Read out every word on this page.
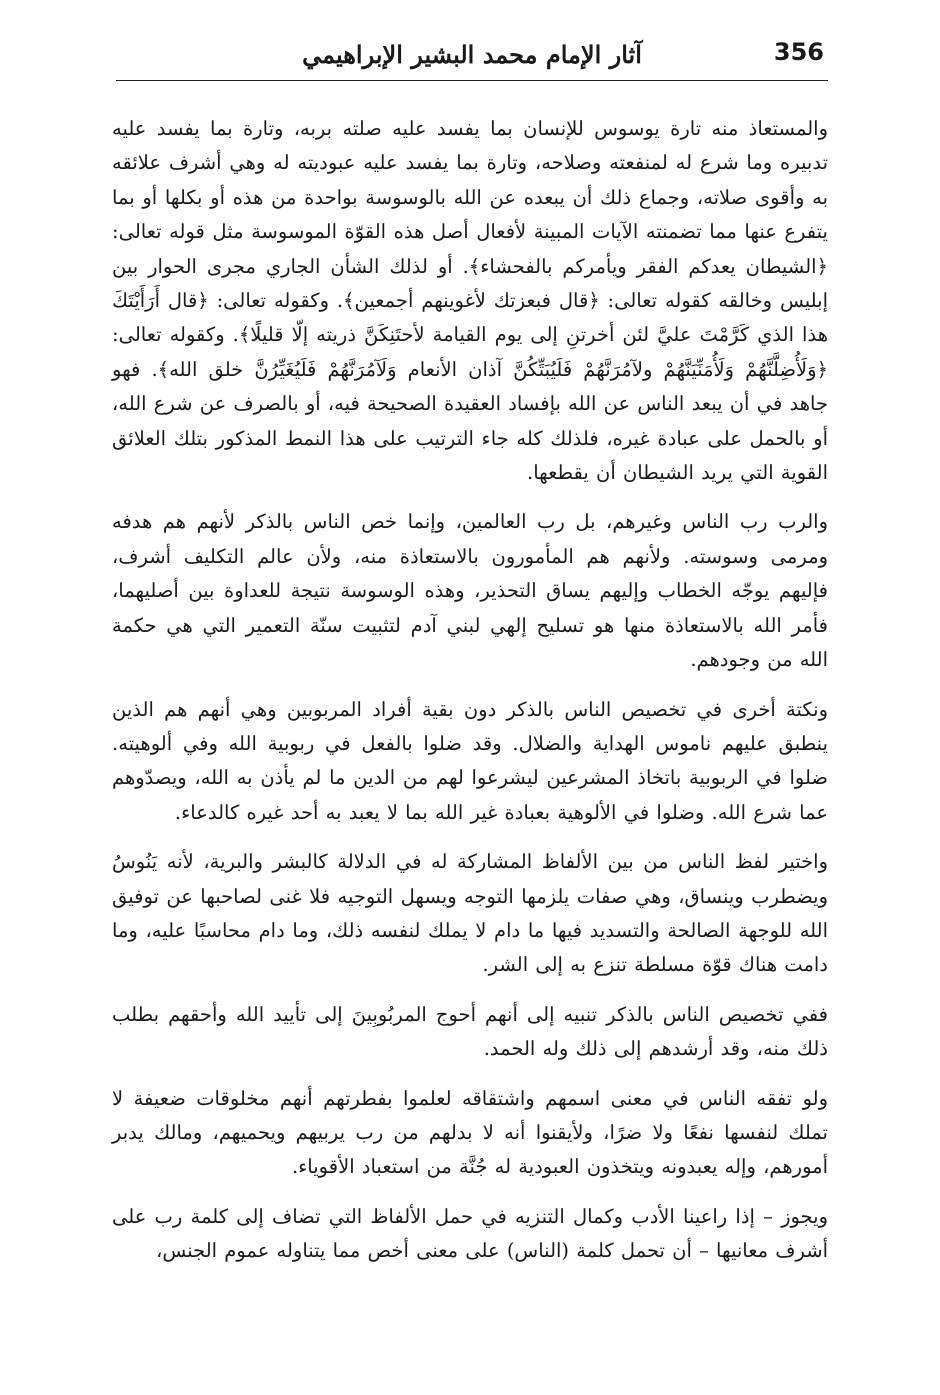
356
آثار الإمام محمد البشير الإبراهيمي

والمستعاذ منه تارة يوسوس للإنسان بما يفسد عليه صلته بربه، وتارة بما يفسد عليه تدبيره وما شرع له لمنفعته وصلاحه، وتارة بما يفسد عليه عبوديته له وهي أشرف علائقه به وأقوى صلاته، وجماع ذلك أن يبعده عن الله بالوسوسة بواحدة من هذه أو بكلها أو بما يتفرع عنها مما تضمنته الآيات المبينة لأفعال أصل هذه القوّة الموسوسة مثل قوله تعالى: ﴿الشيطان يعدكم الفقر ويأمركم بالفحشاء﴾. أو لذلك الشأن الجاري مجرى الحوار بين إبليس وخالقه كقوله تعالى: ﴿قال فبعزتك لأغوينهم أجمعين﴾. وكقوله تعالى: ﴿قال أَرَأَيْتَكَ هذا الذي كَرَّمْتَ عليَّ لئن أخرتنِ إلى يوم القيامة لأحتَنِكَنَّ ذريته إلّا قليلًا﴾. وكقوله تعالى: ﴿وَلَأُضِلَّنَّهُمْ وَلَأُمَنِّيَنَّهُمْ ولآمُرَنَّهُمْ فَلَيُبَتِّكُنَّ آذان الأنعام وَلَآمُرَنَّهُمْ فَلَيُغَيِّرُنَّ خلق الله﴾. فهو جاهد في أن يبعد الناس عن الله بإفساد العقيدة الصحيحة فيه، أو بالصرف عن شرع الله، أو بالحمل على عبادة غيره، فلذلك كله جاء الترتيب على هذا النمط المذكور بتلك العلائق القوية التي يريد الشيطان أن يقطعها.

والرب رب الناس وغيرهم، بل رب العالمين، وإنما خص الناس بالذكر لأنهم هم هدفه ومرمى وسوسته. ولأنهم هم المأمورون بالاستعاذة منه، ولأن عالم التكليف أشرف، فإليهم يوجّه الخطاب وإليهم يساق التحذير، وهذه الوسوسة نتيجة للعداوة بين أصليهما، فأمر الله بالاستعاذة منها هو تسليح إلهي لبني آدم لتثبيت سنّة التعمير التي هي حكمة الله من وجودهم.

ونكتة أخرى في تخصيص الناس بالذكر دون بقية أفراد المربوبين وهي أنهم هم الذين ينطبق عليهم ناموس الهداية والضلال. وقد ضلوا بالفعل في ربوبية الله وفي ألوهيته. ضلوا في الربوبية باتخاذ المشرعين ليشرعوا لهم من الدين ما لم يأذن به الله، ويصدّوهم عما شرع الله. وضلوا في الألوهية بعبادة غير الله بما لا يعبد به أحد غيره كالدعاء.

واختير لفظ الناس من بين الألفاظ المشاركة له في الدلالة كالبشر والبرية، لأنه يَنُوسُ ويضطرب وينساق، وهي صفات يلزمها التوجه ويسهل التوجيه فلا غنى لصاحبها عن توفيق الله للوجهة الصالحة والتسديد فيها ما دام لا يملك لنفسه ذلك، وما دام محاسبًا عليه، وما دامت هناك قوّة مسلطة تنزع به إلى الشر.

ففي تخصيص الناس بالذكر تنبيه إلى أنهم أحوج المربُوبِينَ إلى تأييد الله وأحقهم بطلب ذلك منه، وقد أرشدهم إلى ذلك وله الحمد.

ولو تفقه الناس في معنى اسمهم واشتقاقه لعلموا بفطرتهم أنهم مخلوقات ضعيفة لا تملك لنفسها نفعًا ولا ضرًا، ولأيقنوا أنه لا بدلهم من رب يربيهم ويحميهم، ومالك يدبر أمورهم، وإله يعبدونه ويتخذون العبودية له جُنَّة من استعباد الأقوياء.

ويجوز – إذا راعينا الأدب وكمال التنزيه في حمل الألفاظ التي تضاف إلى كلمة رب على أشرف معانيها – أن تحمل كلمة (الناس) على معنى أخص مما يتناوله عموم الجنس،
